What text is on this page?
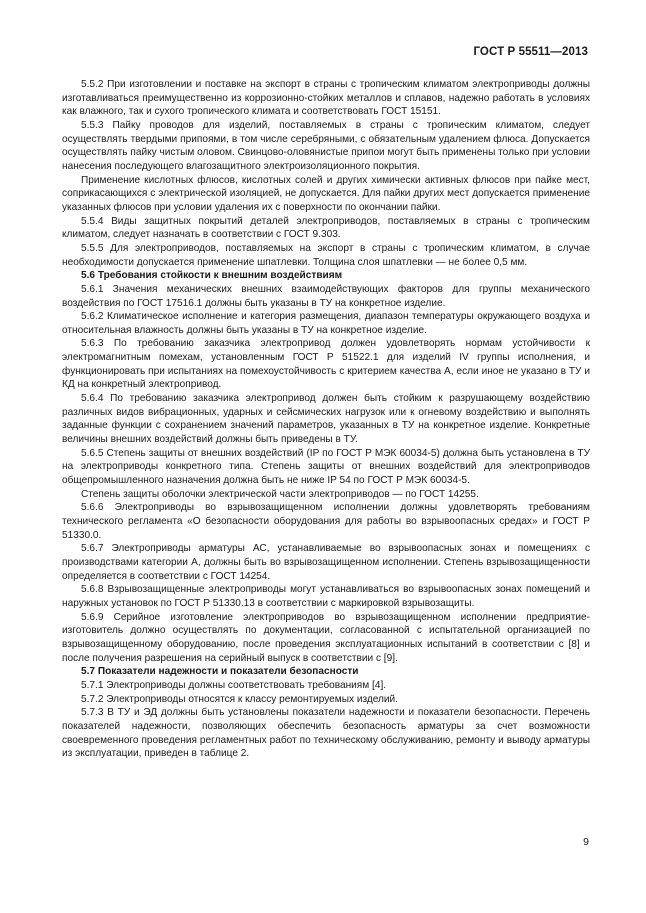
ГОСТ Р 55511—2013

5.5.2 При изготовлении и поставке на экспорт в страны с тропическим климатом электроприводы должны изготавливаться преимущественно из коррозионно-стойких металлов и сплавов, надежно работать в условиях как влажного, так и сухого тропического климата и соответствовать ГОСТ 15151.

5.5.3 Пайку проводов для изделий, поставляемых в страны с тропическим климатом, следует осуществлять твердыми припоями, в том числе серебряными, с обязательным удалением флюса. Допускается осуществлять пайку чистым оловом. Свинцово-оловянистые припои могут быть применены только при условии нанесения последующего влагозащитного электроизоляционного покрытия.

Применение кислотных флюсов, кислотных солей и других химически активных флюсов при пайке мест, соприкасающихся с электрической изоляцией, не допускается. Для пайки других мест допускается применение указанных флюсов при условии удаления их с поверхности по окончании пайки.

5.5.4 Виды защитных покрытий деталей электроприводов, поставляемых в страны с тропическим климатом, следует назначать в соответствии с ГОСТ 9.303.

5.5.5 Для электроприводов, поставляемых на экспорт в страны с тропическим климатом, в случае необходимости допускается применение шпатлевки. Толщина слоя шпатлевки — не более 0,5 мм.

5.6 Требования стойкости к внешним воздействиям

5.6.1 Значения механических внешних взаимодействующих факторов для группы механического воздействия по ГОСТ 17516.1 должны быть указаны в ТУ на конкретное изделие.

5.6.2 Климатическое исполнение и категория размещения, диапазон температуры окружающего воздуха и относительная влажность должны быть указаны в ТУ на конкретное изделие.

5.6.3 По требованию заказчика электропривод должен удовлетворять нормам устойчивости к электромагнитным помехам, установленным ГОСТ Р 51522.1 для изделий IV группы исполнения, и функционировать при испытаниях на помехоустойчивость с критерием качества А, если иное не указано в ТУ и КД на конкретный электропривод.

5.6.4 По требованию заказчика электропривод должен быть стойким к разрушающему воздействию различных видов вибрационных, ударных и сейсмических нагрузок или к огневому воздействию и выполнять заданные функции с сохранением значений параметров, указанных в ТУ на конкретное изделие. Конкретные величины внешних воздействий должны быть приведены в ТУ.

5.6.5 Степень защиты от внешних воздействий (IP по ГОСТ Р МЭК 60034-5) должна быть установлена в ТУ на электроприводы конкретного типа. Степень защиты от внешних воздействий для электроприводов общепромышленного назначения должна быть не ниже IP 54 по ГОСТ Р МЭК 60034-5.

Степень защиты оболочки электрической части электроприводов — по ГОСТ 14255.

5.6.6 Электроприводы во взрывозащищенном исполнении должны удовлетворять требованиям технического регламента «О безопасности оборудования для работы во взрывоопасных средах» и ГОСТ Р 51330.0.

5.6.7 Электроприводы арматуры АС, устанавливаемые во взрывоопасных зонах и помещениях с производствами категории А, должны быть во взрывозащищенном исполнении. Степень взрывозащищенности определяется в соответствии с ГОСТ 14254.

5.6.8 Взрывозащищенные электроприводы могут устанавливаться во взрывоопасных зонах помещений и наружных установок по ГОСТ Р 51330.13 в соответствии с маркировкой взрывозащиты.

5.6.9 Серийное изготовление электроприводов во взрывозащищенном исполнении предприятие-изготовитель должно осуществлять по документации, согласованной с испытательной организацией по взрывозащищенному оборудованию, после проведения эксплуатационных испытаний в соответствии с [8] и после получения разрешения на серийный выпуск в соответствии с [9].

5.7 Показатели надежности и показатели безопасности

5.7.1 Электроприводы должны соответствовать требованиям [4].

5.7.2 Электроприводы относятся к классу ремонтируемых изделий.

5.7.3 В ТУ и ЭД должны быть установлены показатели надежности и показатели безопасности. Перечень показателей надежности, позволяющих обеспечить безопасность арматуры за счет возможности своевременного проведения регламентных работ по техническому обслуживанию, ремонту и выводу арматуры из эксплуатации, приведен в таблице 2.

9
